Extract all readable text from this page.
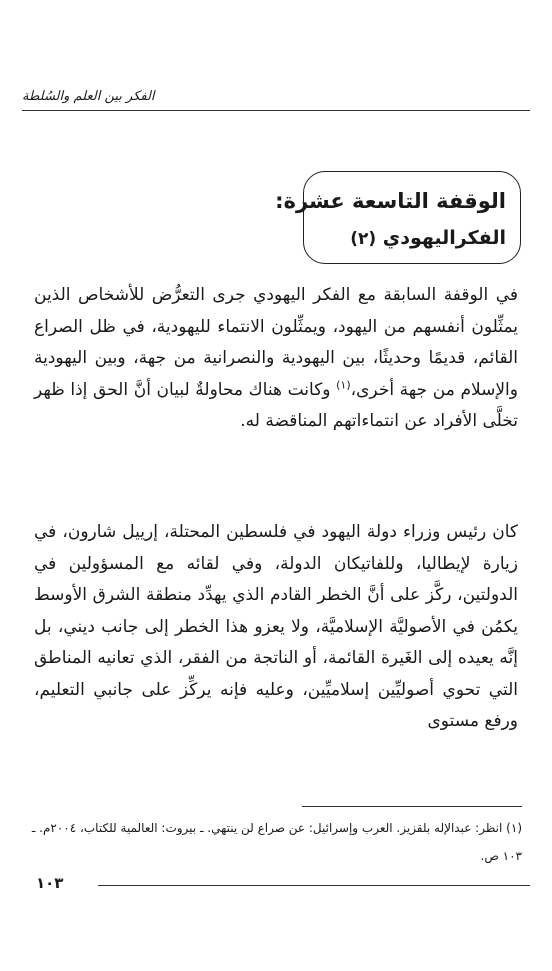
الفكر بين العلم والسُلطة
الوقفة التاسعة عشرة:
الفكراليهودي (٢)
في الوقفة السابقة مع الفكر اليهودي جرى التعرُّض للأشخاص الذين يمثِّلون أنفسهم من اليهود، ويمثِّلون الانتماء لليهودية، في ظل الصراع القائم، قديمًا وحديثًا، بين اليهودية والنصرانية من جهة، وبين اليهودية والإسلام من جهة أخرى،$^{(١)}$ وكانت هناك محاولةٌ لبيان أنَّ الحق إذا ظهر تخلَّى الأفراد عن انتماءاتهم المناقضة له.
كان رئيس وزراء دولة اليهود في فلسطين المحتلة، إرييل شارون، في زيارة لإيطاليا، وللفاتيكان الدولة، وفي لقائه مع المسؤولين في الدولتين، ركَّز على أنَّ الخطر القادم الذي يهدِّد منطقة الشرق الأوسط يكمُن في الأصوليَّة الإسلاميَّة، ولا يعزو هذا الخطر إلى جانب ديني، بل إنَّه يعيده إلى الغَيرة القائمة، أو الناتجة من الفقر، الذي تعانيه المناطق التي تحوي أصوليِّين إسلاميِّين، وعليه فإنه يركِّز على جانبي التعليم، ورفع مستوى
(١) انظر: عبدالإله بلقزيز. العرب وإسرائيل: عن صراع لن ينتهي. ـ بيروت: العالمية للكتاب، ٢٠٠٤م. ـ ١٠٣ ص.
١٠٣
